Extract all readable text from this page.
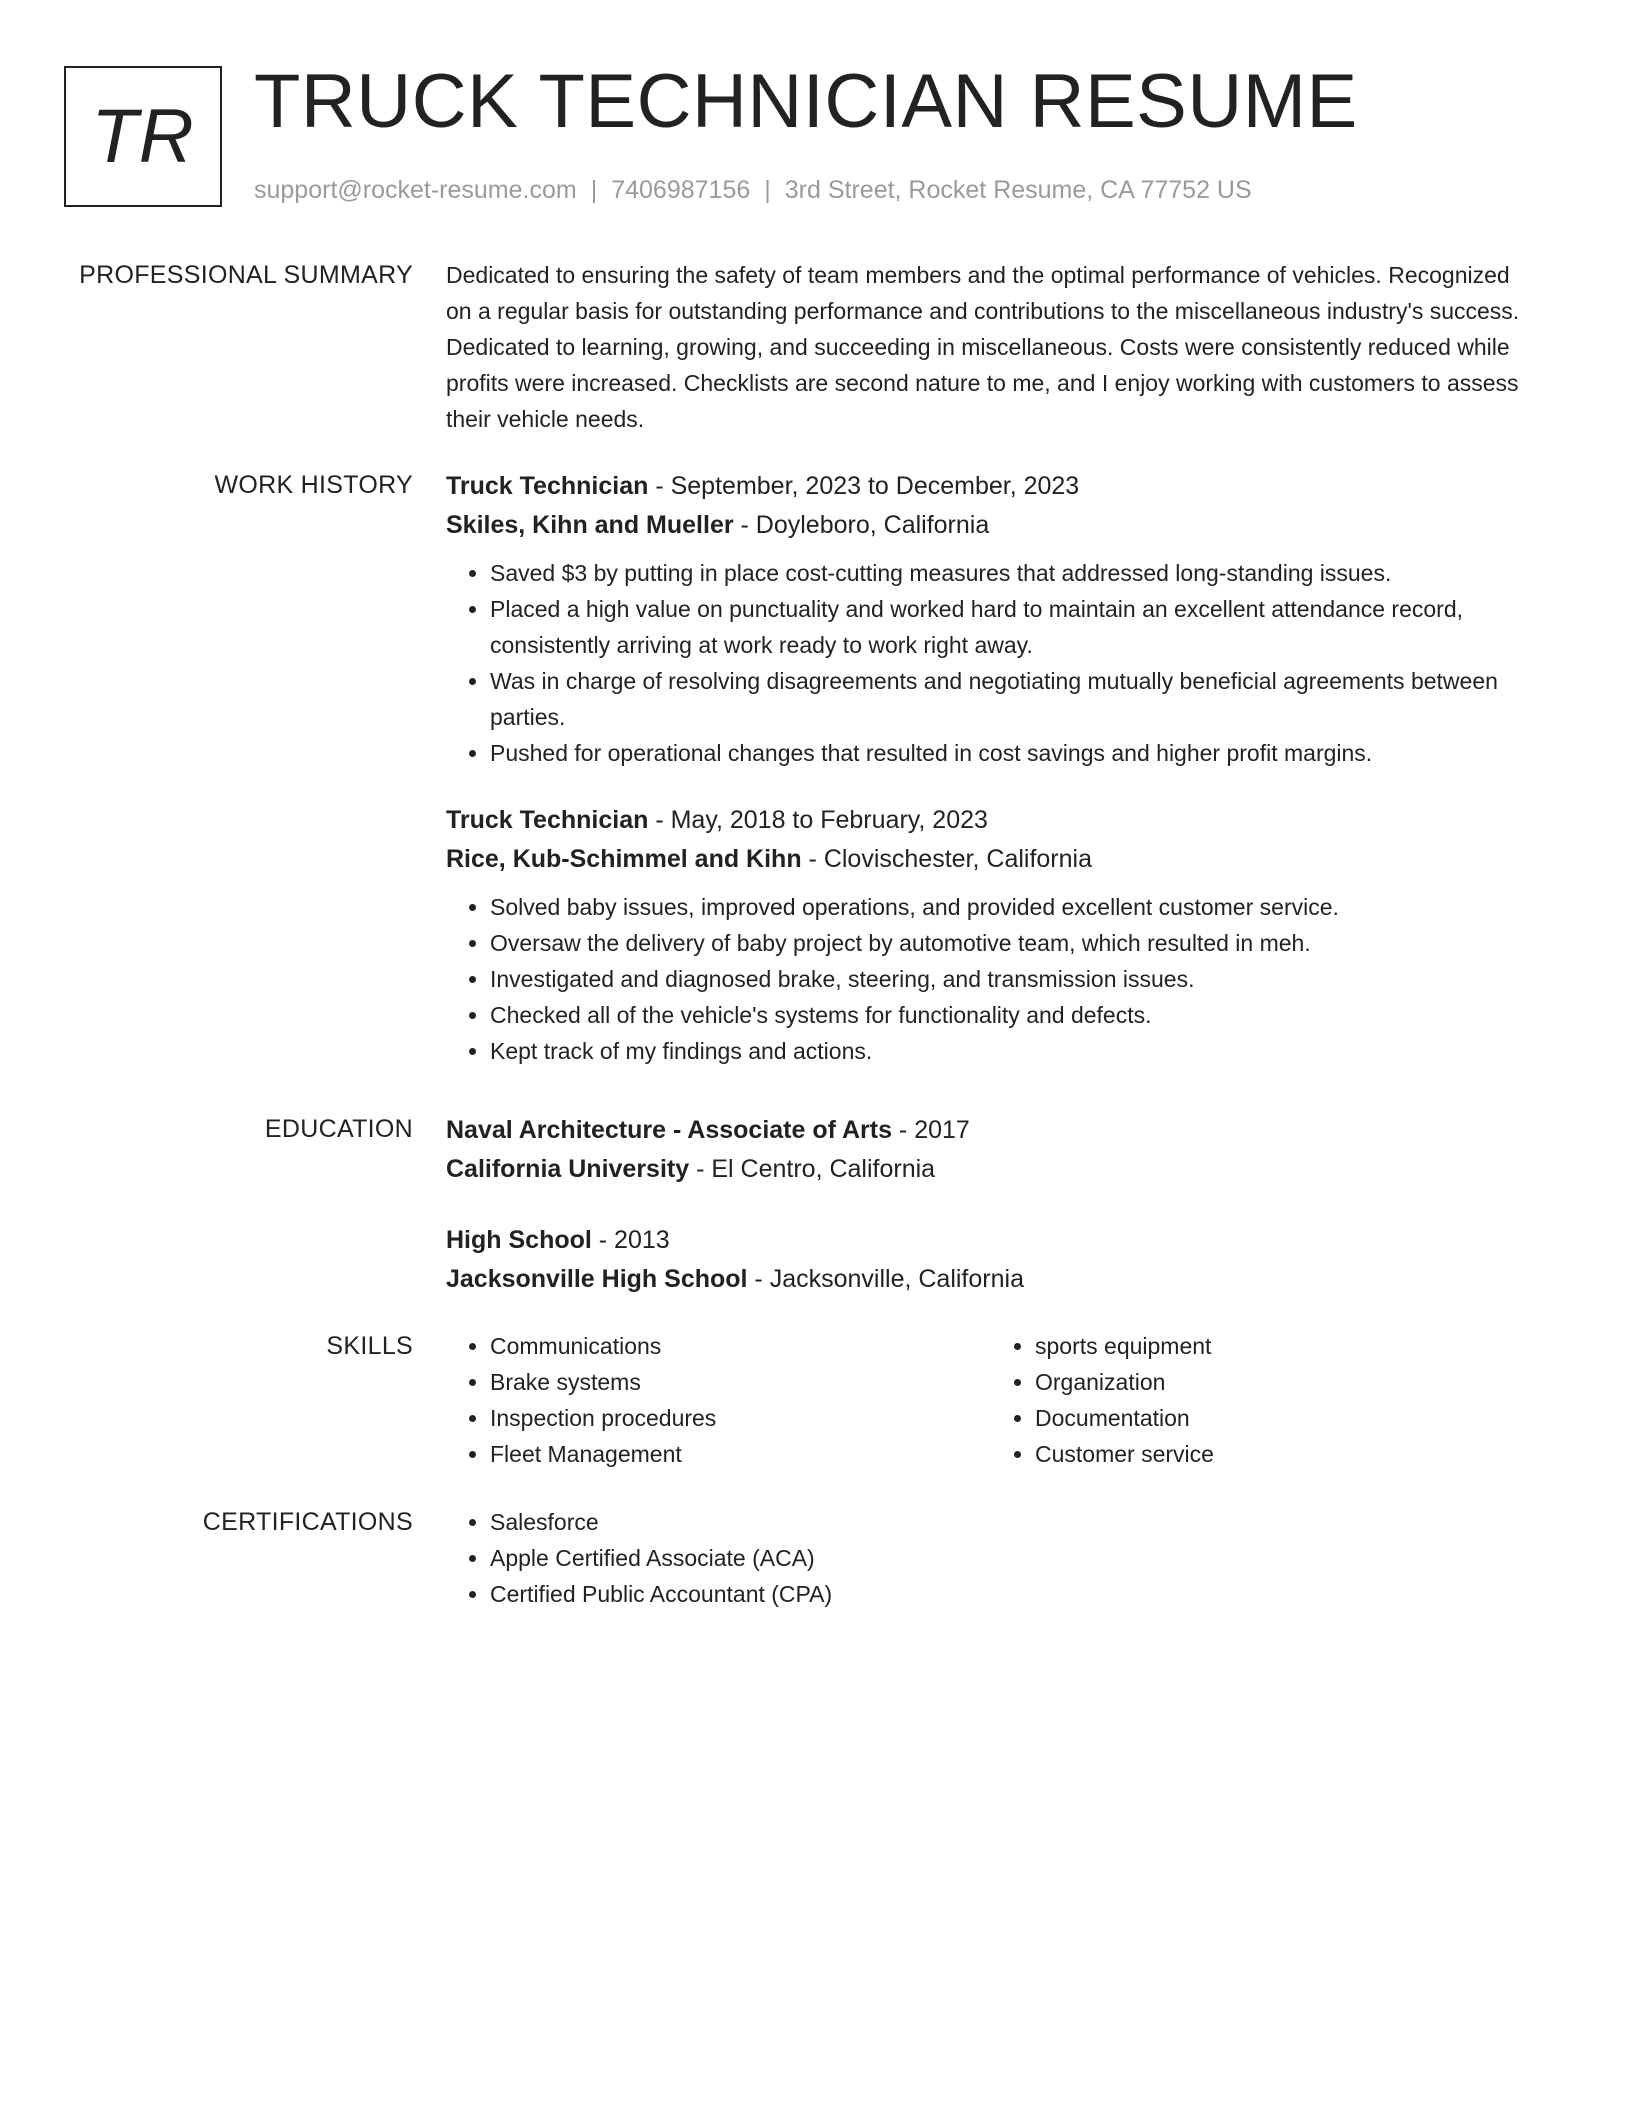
TR TRUCK TECHNICIAN RESUME
support@rocket-resume.com | 7406987156 | 3rd Street, Rocket Resume, CA 77752 US
PROFESSIONAL SUMMARY Dedicated to ensuring the safety of team members and the optimal performance of vehicles. Recognized on a regular basis for outstanding performance and contributions to the miscellaneous industry's success. Dedicated to learning, growing, and succeeding in miscellaneous. Costs were consistently reduced while profits were increased. Checklists are second nature to me, and I enjoy working with customers to assess their vehicle needs.

WORK HISTORY Truck Technician - September, 2023 to December, 2023

Skiles, Kihn and Mueller - Doyleboro, California

• Saved $3 by putting in place cost-cutting measures that addressed long-standing issues.
• Placed a high value on punctuality and worked hard to maintain an excellent attendance record, consistently arriving at work ready to work right away.
• Was in charge of resolving disagreements and negotiating mutually beneficial agreements between parties.
• Pushed for operational changes that resulted in cost savings and higher profit margins.

Truck Technician - May, 2018 to February, 2023

Rice, Kub-Schimmel and Kihn - Clovischester, California

• Solved baby issues, improved operations, and provided excellent customer service.
• Oversaw the delivery of baby project by automotive team, which resulted in meh.
• Investigated and diagnosed brake, steering, and transmission issues.
• Checked all of the vehicle's systems for functionality and defects.
• Kept track of my findings and actions.
EDUCATION Naval Architecture - Associate of Arts - 2017

California University - El Centro, California

High School - 2013

Jacksonville High School - Jacksonville, California

SKILLS	• Communications
• Brake systems
• Inspection procedures
• Fleet Management
• sports equipment
• Organization
• Documentation
• Customer service
CERTIFICATIONS	• Salesforce
• Apple Certified Associate (ACA)
• Certified Public Accountant (CPA)
